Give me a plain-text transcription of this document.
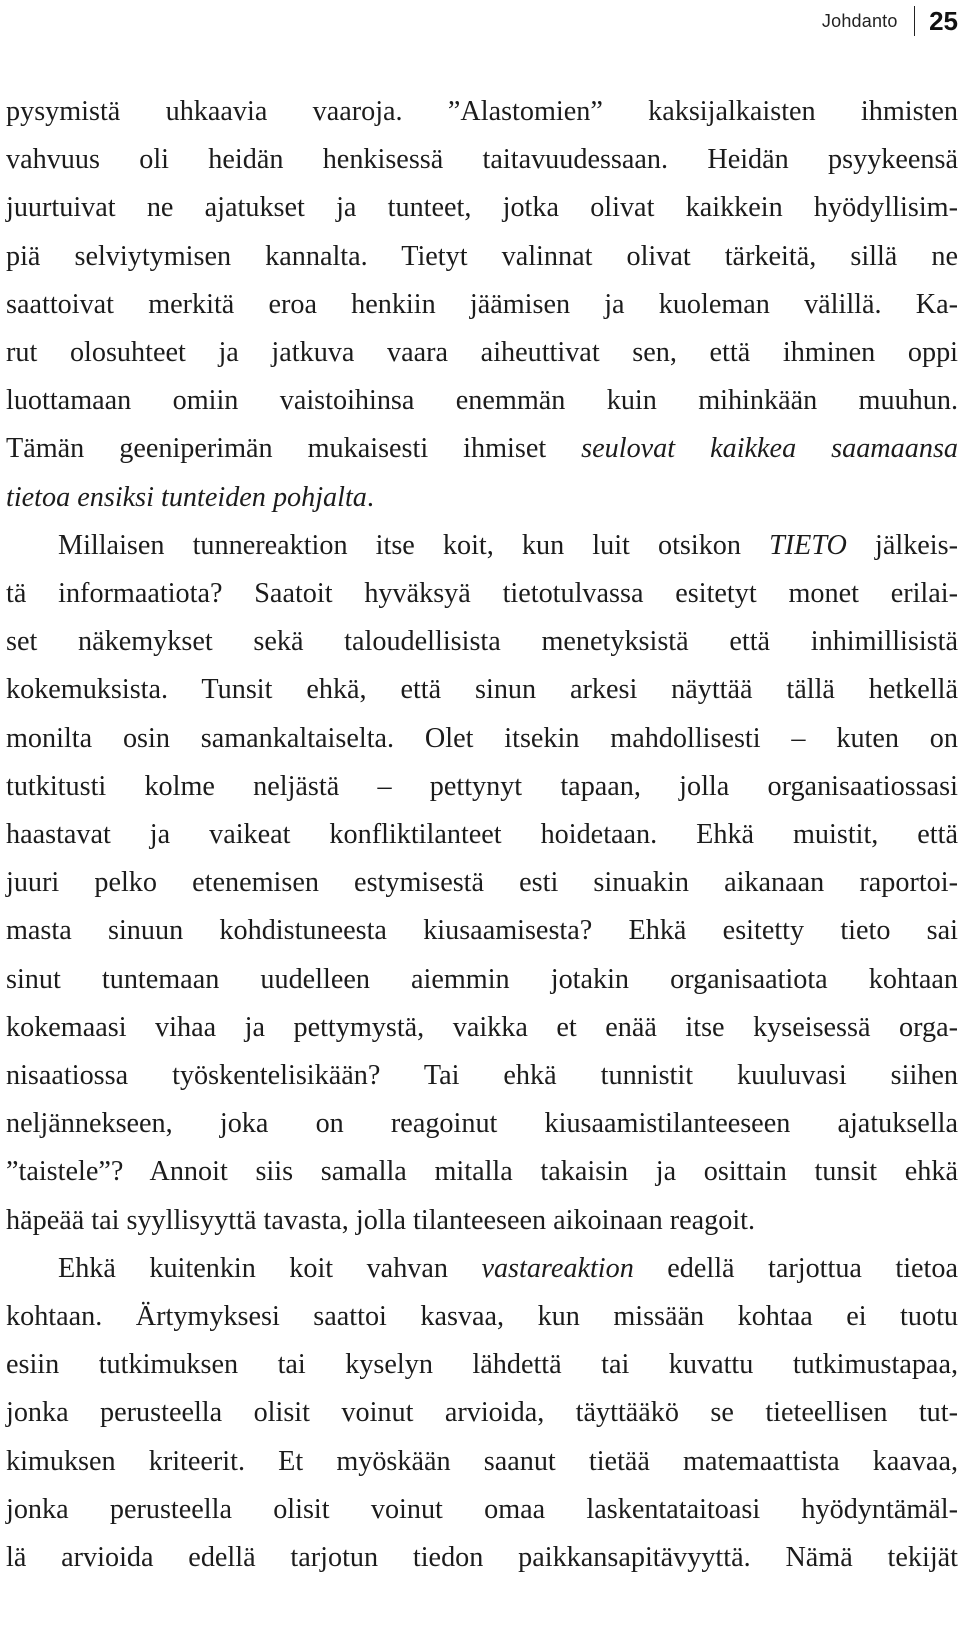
Johdanto 25
pysymistä uhkaavia vaaroja. ”Alastomien” kaksijalkaisten ihmisten
vahvuus oli heidän henkisessä taitavuudessaan. Heidän psyykeensä
juurtuivat ne ajatukset ja tunteet, jotka olivat kaikkein hyödyllisim-
piä selviytymisen kannalta. Tietyt valinnat olivat tärkeitä, sillä ne
saattoivat merkitä eroa henkiin jäämisen ja kuoleman välillä. Ka-
rut olosuhteet ja jatkuva vaara aiheuttivat sen, että ihminen oppi
luottamaan omiin vaistoihinsa enemmän kuin mihinkään muuhun.
Tämän geeniperimän mukaisesti ihmiset seulovat kaikkea saamaansa
tietoa ensiksi tunteiden pohjalta.
Millaisen tunnereaktion itse koit, kun luit otsikon TIETO jälkeis-
tä informaatiota? Saatoit hyväksyä tietotulvassa esitetyt monet erilai-
set näkemykset sekä taloudellisista menetyksistä että inhimillisistä
kokemuksista. Tunsit ehkä, että sinun arkesi näyttää tällä hetkellä
monilta osin samankaltaiselta. Olet itsekin mahdollisesti – kuten on
tutkitusti kolme neljästä – pettynyt tapaan, jolla organisaatiossasi
haastavat ja vaikeat konfliktilanteet hoidetaan. Ehkä muistit, että
juuri pelko etenemisen estymisestä esti sinuakin aikanaan raportoi-
masta sinuun kohdistuneesta kiusaamisesta? Ehkä esitetty tieto sai
sinut tuntemaan uudelleen aiemmin jotakin organisaatiota kohtaan
kokemaasi vihaa ja pettymystä, vaikka et enää itse kyseisessä orga-
nisaatiossa työskentelisikään? Tai ehkä tunnistit kuuluvasi siihen
neljännekseen, joka on reagoinut kiusaamistilanteeseen ajatuksella
”taistele”? Annoit siis samalla mitalla takaisin ja osittain tunsit ehkä
häpeää tai syyllisyyttä tavasta, jolla tilanteeseen aikoinaan reagoit.
Ehkä kuitenkin koit vahvan vastareaktion edellä tarjottua tietoa
kohtaan. Ärtymyksesi saattoi kasvaa, kun missään kohtaa ei tuotu
esiin tutkimuksen tai kyselyn lähdettä tai kuvattu tutkimustapaa,
jonka perusteella olisit voinut arvioida, täyttääkö se tieteellisen tut-
kimuksen kriteerit. Et myöskään saanut tietää matemaattista kaavaa,
jonka perusteella olisit voinut omaa laskentataitoasi hyödyntämäl-
lä arvioida edellä tarjotun tiedon paikkansapitävyyttä. Nämä tekijät
